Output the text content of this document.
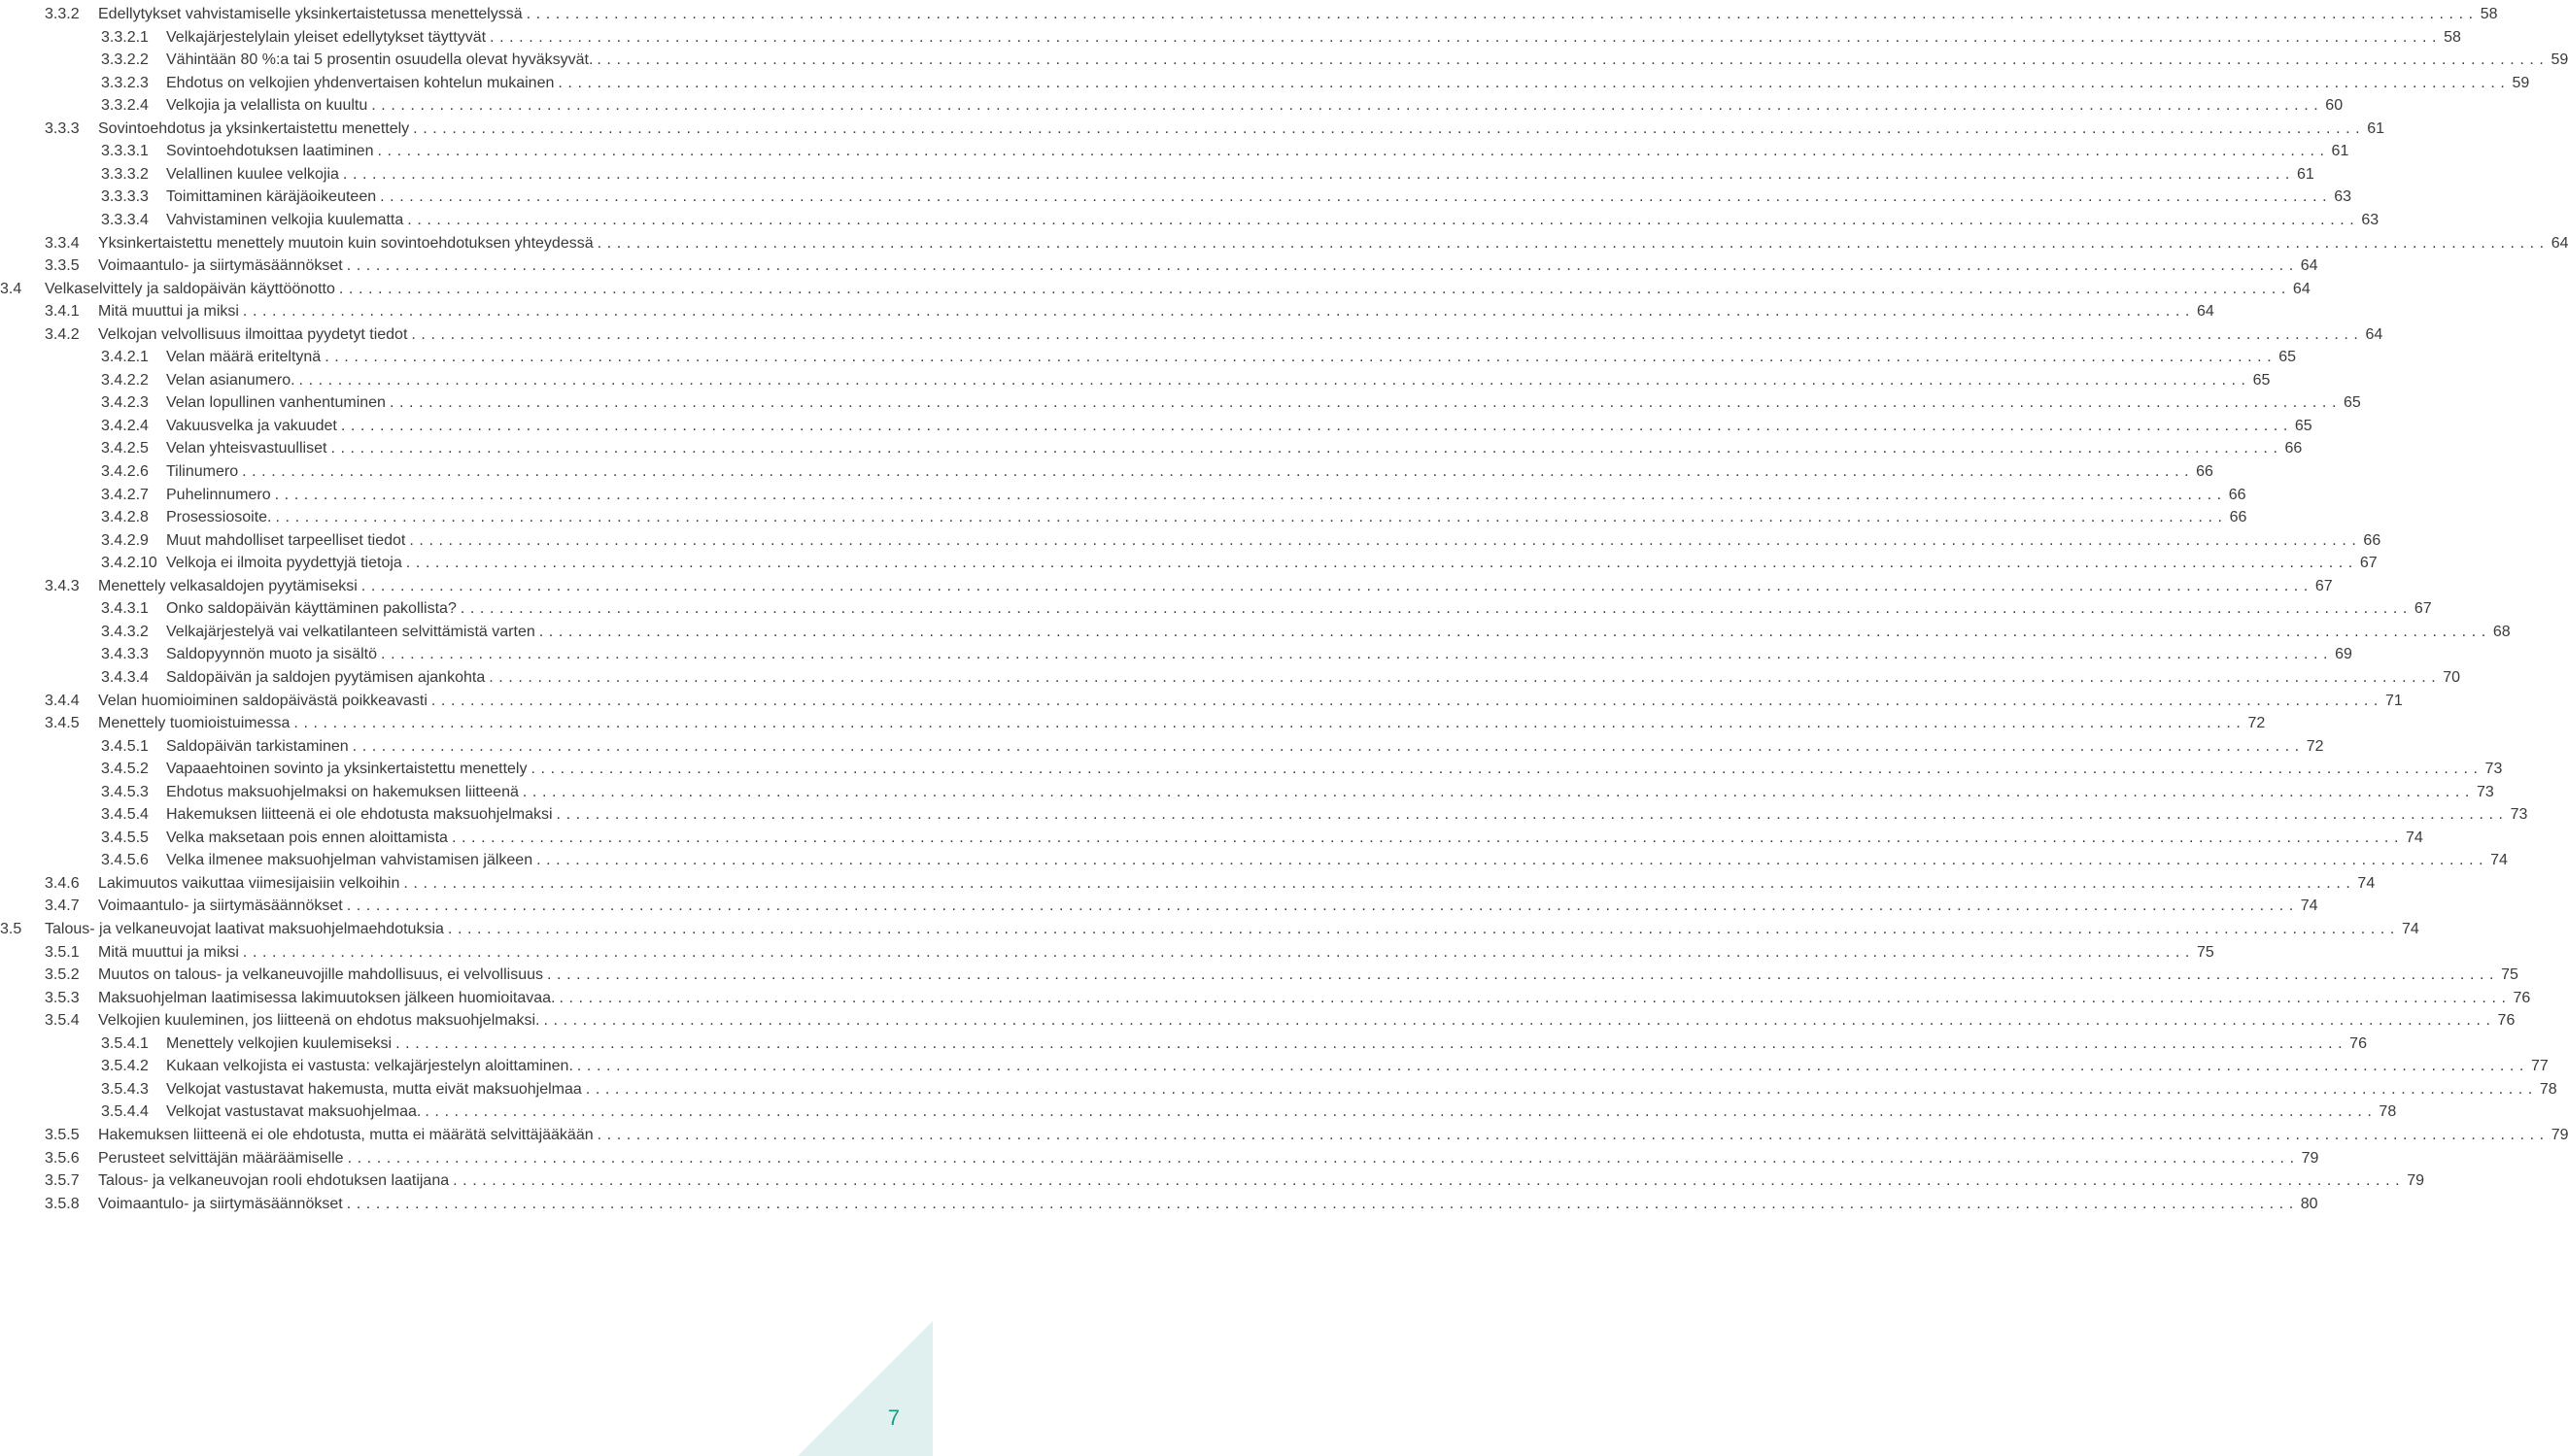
3.3.2	Edellytykset vahvistamiselle yksinkertaistetussa menettelyssä ........................................................................................................................................................................................................ 58
3.3.2.1	Velkajärjestelylain yleiset edellytykset täyttyvät ........................................................................................................................................................................................................ 58
3.3.2.2	Vähintään 80 %:a tai 5 prosentin osuudella olevat hyväksyvät. ........................................................................................................................................................................................................ 59
3.3.2.3	Ehdotus on velkojien yhdenvertaisen kohtelun mukainen ........................................................................................................................................................................................................ 59
3.3.2.4	Velkojia ja velallista on kuultu ........................................................................................................................................................................................................ 60
3.3.3	Sovintoehdotus ja yksinkertaistettu menettely ........................................................................................................................................................................................................ 61
3.3.3.1	Sovintoehdotuksen laatiminen ........................................................................................................................................................................................................ 61
3.3.3.2	Velallinen kuulee velkojia ........................................................................................................................................................................................................ 61
3.3.3.3	Toimittaminen käräjäoikeuteen ........................................................................................................................................................................................................ 63
3.3.3.4	Vahvistaminen velkojia kuulematta ........................................................................................................................................................................................................ 63
3.3.4	Yksinkertaistettu menettely muutoin kuin sovintoehdotuksen yhteydessä ........................................................................................................................................................................................................ 64
3.3.5	Voimaantulo- ja siirtymäsäännökset ........................................................................................................................................................................................................ 64
3.4	Velkaselvittely ja saldopäivän käyttöönotto ........................................................................................................................................................................................................ 64
3.4.1	Mitä muuttui ja miksi ........................................................................................................................................................................................................ 64
3.4.2	Velkojan velvollisuus ilmoittaa pyydetyt tiedot ........................................................................................................................................................................................................ 64
3.4.2.1	Velan määrä eriteltynä ........................................................................................................................................................................................................ 65
3.4.2.2	Velan asianumero. ........................................................................................................................................................................................................ 65
3.4.2.3	Velan lopullinen vanhentuminen ........................................................................................................................................................................................................ 65
3.4.2.4	Vakuusvelka ja vakuudet ........................................................................................................................................................................................................ 65
3.4.2.5	Velan yhteisvastuulliset ........................................................................................................................................................................................................ 66
3.4.2.6	Tilinumero ........................................................................................................................................................................................................ 66
3.4.2.7	Puhelinnumero ........................................................................................................................................................................................................ 66
3.4.2.8	Prosessiosoite. ........................................................................................................................................................................................................ 66
3.4.2.9	Muut mahdolliset tarpeelliset tiedot ........................................................................................................................................................................................................ 66
3.4.2.10 Velkoja ei ilmoita pyydettyjä tietoja ........................................................................................................................................................................................................ 67
3.4.3	Menettely velkasaldojen pyytämiseksi ........................................................................................................................................................................................................ 67
3.4.3.1	Onko saldopäivän käyttäminen pakollista? ........................................................................................................................................................................................................ 67
3.4.3.2	Velkajärjestelyä vai velkatilanteen selvittämistä varten ........................................................................................................................................................................................................ 68
3.4.3.3	Saldopyynnön muoto ja sisältö ........................................................................................................................................................................................................ 69
3.4.3.4	Saldopäivän ja saldojen pyytämisen ajankohta ........................................................................................................................................................................................................ 70
3.4.4	Velan huomioiminen saldopäivästä poikkeavasti ........................................................................................................................................................................................................ 71
3.4.5	Menettely tuomioistuimessa ........................................................................................................................................................................................................ 72
3.4.5.1	Saldopäivän tarkistaminen ........................................................................................................................................................................................................ 72
3.4.5.2	Vapaaehtoinen sovinto ja yksinkertaistettu menettely ........................................................................................................................................................................................................ 73
3.4.5.3	Ehdotus maksuohjelmaksi on hakemuksen liitteenä ........................................................................................................................................................................................................ 73
3.4.5.4	Hakemuksen liitteenä ei ole ehdotusta maksuohjelmaksi ........................................................................................................................................................................................................ 73
3.4.5.5	Velka maksetaan pois ennen aloittamista ........................................................................................................................................................................................................ 74
3.4.5.6	Velka ilmenee maksuohjelman vahvistamisen jälkeen ........................................................................................................................................................................................................ 74
3.4.6	Lakimuutos vaikuttaa viimesijaisiin velkoihin ........................................................................................................................................................................................................ 74
3.4.7	Voimaantulo- ja siirtymäsäännökset ........................................................................................................................................................................................................ 74
3.5	Talous- ja velkaneuvojat laativat maksuohjelmaehdotuksia ........................................................................................................................................................................................................ 74
3.5.1	Mitä muuttui ja miksi ........................................................................................................................................................................................................ 75
3.5.2	Muutos on talous- ja velkaneuvojille mahdollisuus, ei velvollisuus ........................................................................................................................................................................................................ 75
3.5.3	Maksuohjelman laatimisessa lakimuutoksen jälkeen huomioitavaa. ........................................................................................................................................................................................................ 76
3.5.4	Velkojien kuuleminen, jos liitteenä on ehdotus maksuohjelmaksi. ........................................................................................................................................................................................................ 76
3.5.4.1	Menettely velkojien kuulemiseksi ........................................................................................................................................................................................................ 76
3.5.4.2	Kukaan velkojista ei vastusta: velkajärjestelyn aloittaminen. ........................................................................................................................................................................................................ 77
3.5.4.3	Velkojat vastustavat hakemusta, mutta eivät maksuohjelmaa ........................................................................................................................................................................................................ 78
3.5.4.4	Velkojat vastustavat maksuohjelmaa. ........................................................................................................................................................................................................ 78
3.5.5	Hakemuksen liitteenä ei ole ehdotusta, mutta ei määrätä selvittäjääkään ........................................................................................................................................................................................................ 79
3.5.6	Perusteet selvittäjän määräämiselle ........................................................................................................................................................................................................ 79
3.5.7	Talous- ja velkaneuvojan rooli ehdotuksen laatijana ........................................................................................................................................................................................................ 79
3.5.8	Voimaantulo- ja siirtymäsäännökset ........................................................................................................................................................................................................ 80
7
